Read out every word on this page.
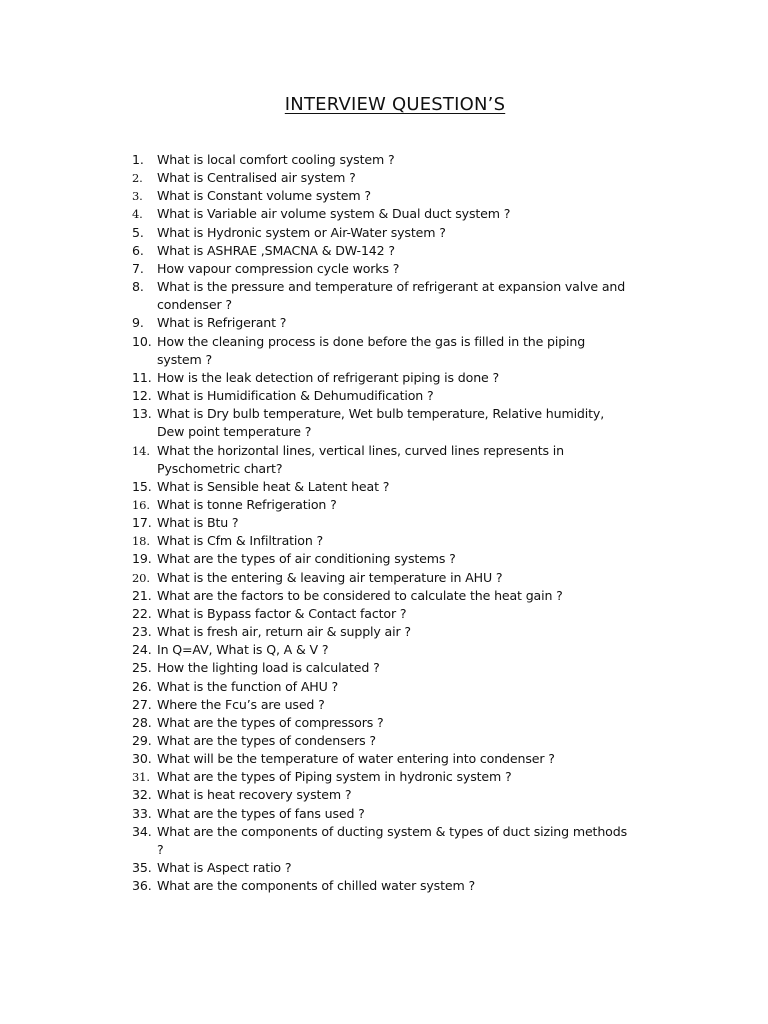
INTERVIEW QUESTION’S
1.	What is local comfort cooling system ?
2.	What is Centralised air system ?
3.	What is Constant volume system ?
4.	What is Variable air volume system & Dual duct system ?
5.	What is Hydronic system or Air-Water system ?
6.	What is ASHRAE ,SMACNA & DW-142 ?
7.	How vapour compression cycle works ?
8.	What is the pressure and temperature of refrigerant at expansion valve and
condenser ?
9.	What is Refrigerant ?
10. How the cleaning process is done before the gas is filled in the piping
system ?
11. How is the leak detection of refrigerant piping is done ?
12. What is Humidification & Dehumudification ?
13. What is Dry bulb temperature, Wet bulb temperature, Relative humidity,
Dew point temperature ?
14. What the horizontal lines, vertical lines, curved lines represents in
Pyschometric chart?
15. What is Sensible heat & Latent heat ?
16. What is tonne Refrigeration ?
17. What is Btu ?
18. What is Cfm & Infiltration ?
19. What are the types of air conditioning systems ?
20. What is the entering & leaving air temperature in AHU ?
21. What are the factors to be considered to calculate the heat gain ?
22. What is Bypass factor & Contact factor ?
23. What is fresh air, return air & supply air ?
24. In Q=AV, What is Q, A & V ?
25. How the lighting load is calculated ?
26. What is the function of AHU ?
27. Where the Fcu’s are used ?
28. What are the types of compressors ?
29. What are the types of condensers ?
30. What will be the temperature of water entering into condenser ?
31. What are the types of Piping system in hydronic system ?
32. What is heat recovery system ?
33. What are the types of fans used ?
34. What are the components of ducting system & types of duct sizing methods
?
35. What is Aspect ratio ?
36. What are the components of chilled water system ?
